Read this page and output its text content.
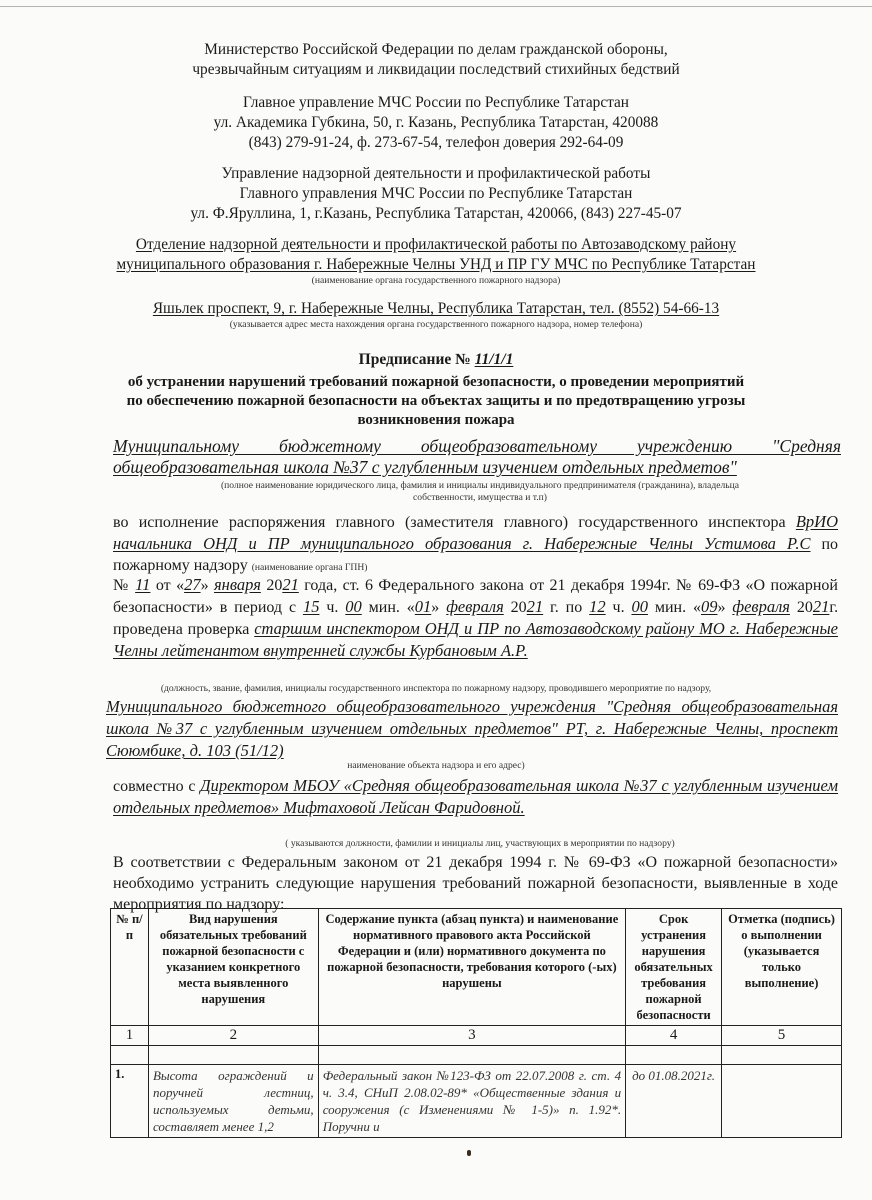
Министерство Российской Федерации по делам гражданской обороны,
чрезвычайным ситуациям и ликвидации последствий стихийных бедствий
Главное управление МЧС России по Республике Татарстан
ул. Академика Губкина, 50, г. Казань, Республика Татарстан, 420088
(843) 279-91-24, ф. 273-67-54, телефон доверия 292-64-09
Управление надзорной деятельности и профилактической работы
Главного управления МЧС России по Республике Татарстан
ул. Ф.Яруллина, 1, г.Казань, Республика Татарстан, 420066, (843) 227-45-07
Отделение надзорной деятельности и профилактической работы по Автозаводскому району
муниципального образования г. Набережные Челны УНД и ПР ГУ МЧС по Республике Татарстан
(наименование органа государственного пожарного надзора)
Яшьлек проспект, 9, г. Набережные Челны, Республика Татарстан, тел. (8552) 54-66-13
(указывается адрес места нахождения органа государственного пожарного надзора, номер телефона)
Предписание № 11/1/1
об устранении нарушений требований пожарной безопасности, о проведении мероприятий
по обеспечению пожарной безопасности на объектах защиты и по предотвращению угрозы
возникновения пожара
Муниципальному бюджетному общеобразовательному учреждению "Средняя
общеобразовательная школа №37 с углубленным изучением отдельных предметов"
(полное наименование юридического лица, фамилия и инициалы индивидуального предпринимателя (гражданина), владельца
собственности, имущества и т.п)
во исполнение распоряжения главного (заместителя главного) государственного инспектора ВрИО начальника ОНД и ПР муниципального образования г. Набережные Челны Устимова Р.С по пожарному надзору (наименование органа ГПН)
№ 11 от «27» января 2021 года, ст. 6 Федерального закона от 21 декабря 1994г. № 69-ФЗ «О пожарной безопасности» в период с 15 ч. 00 мин. «01» февраля 2021 г. по 12 ч. 00 мин. «09» февраля 2021г. проведена проверка старшим инспектором ОНД и ПР по Автозаводскому району МО г. Набережные Челны лейтенантом внутренней службы Курбановым А.Р.
(должность, звание, фамилия, инициалы государственного инспектора по пожарному надзору, проводившего мероприятие по надзору,
Муниципального бюджетного общеобразовательного учреждения "Средняя общеобразовательная школа №37 с углубленным изучением отдельных предметов" РТ, г. Набережные Челны, проспект Сююмбике, д. 103 (51/12)
наименование объекта надзора и его адрес)
совместно с Директором МБОУ «Средняя общеобразовательная школа №37 с углубленным изучением отдельных предметов» Мифтаховой Лейсан Фаридовной.
( указываются должности, фамилии и инициалы лиц, участвующих в мероприятии по надзору)
В соответствии с Федеральным законом от 21 декабря 1994 г. № 69-ФЗ «О пожарной безопасности» необходимо устранить следующие нарушения требований пожарной безопасности, выявленные в ходе мероприятия по надзору:
№ п/п	Вид нарушения обязательных требований пожарной безопасности с указанием конкретного места выявленного нарушения	Содержание пункта (абзац пункта) и наименование нормативного правового акта Российской Федерации и (или) нормативного документа по пожарной безопасности, требования которого (-ых) нарушены	Срок устранения нарушения обязательных требования пожарной безопасности	Отметка (подпись) о выполнении (указывается только выполнение)
1	2	3	4	5

1.	Высота ограждений и поручней лестниц, используемых детьми, составляет менее 1,2	Федеральный закон №123-ФЗ от 22.07.2008 г. ст. 4 ч. 3.4, СНиП 2.08.02-89* «Общественные здания и сооружения (с Изменениями № 1-5)» п. 1.92*. Поручни и	до 01.08.2021г.	
